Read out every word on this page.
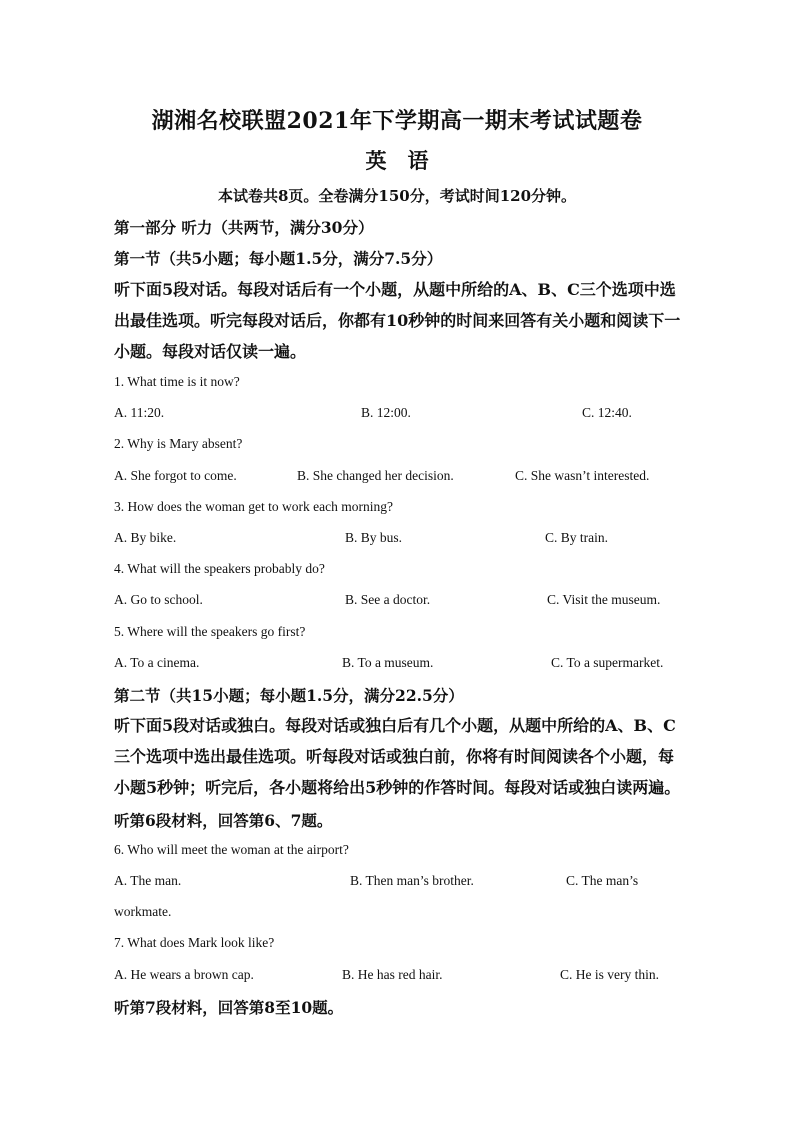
湖湘名校联盟2021年下学期高一期末考试试题卷
英　语
本试卷共8页。全卷满分150分，考试时间120分钟。
第一部分 听力（共两节，满分30分）
第一节（共5小题；每小题1.5分，满分7.5分）
听下面5段对话。每段对话后有一个小题，从题中所给的A、B、C三个选项中选
出最佳选项。听完每段对话后，你都有10秒钟的时间来回答有关小题和阅读下一
小题。每段对话仅读一遍。
1. What time is it now?
A. 11:20.	B. 12:00.	C. 12:40.
2. Why is Mary absent?
A. She forgot to come.	B. She changed her decision.	C. She wasn’t interested.
3. How does the woman get to work each morning?
A. By bike.	B. By bus.	C. By train.
4. What will the speakers probably do?
A. Go to school.	B. See a doctor.	C. Visit the museum.
5. Where will the speakers go first?
A. To a cinema.	B. To a museum.	C. To a supermarket.
第二节（共15小题；每小题1.5分，满分22.5分）
听下面5段对话或独白。每段对话或独白后有几个小题，从题中所给的A、B、C
三个选项中选出最佳选项。听每段对话或独白前，你将有时间阅读各个小题，每
小题5秒钟；听完后，各小题将给出5秒钟的作答时间。每段对话或独白读两遍。
听第6段材料，回答第6、7题。
6. Who will meet the woman at the airport?
A. The man.	B. Then man’s brother.	C. The man’s
workmate.
7. What does Mark look like?
A. He wears a brown cap.	B. He has red hair.	C. He is very thin.
听第7段材料，回答第8至10题。
